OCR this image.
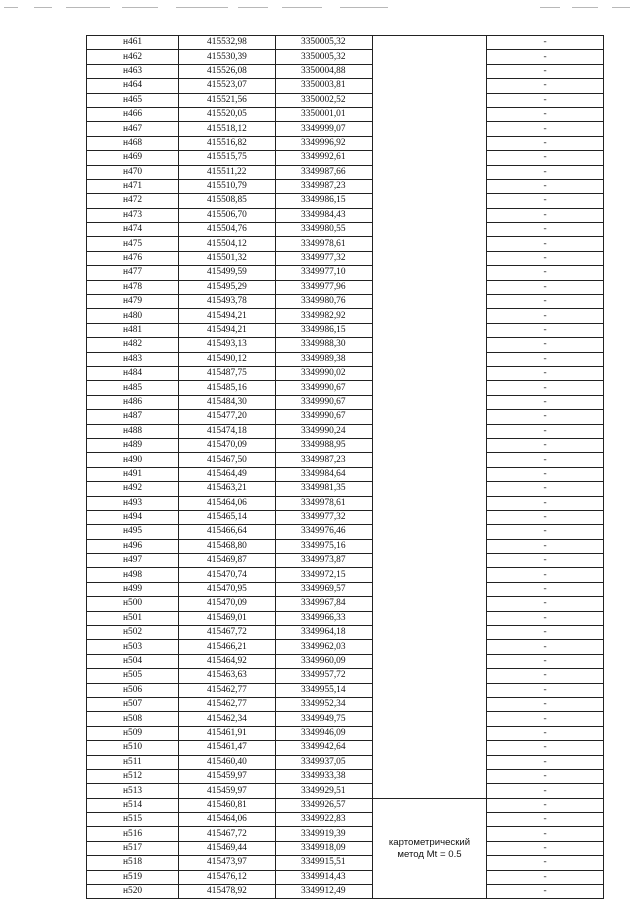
н461	415532,98	3350005,32		-
н462	415530,39	3350005,32		-
н463	415526,08	3350004,88		-
н464	415523,07	3350003,81		-
н465	415521,56	3350002,52		-
н466	415520,05	3350001,01		-
н467	415518,12	3349999,07		-
н468	415516,82	3349996,92		-
н469	415515,75	3349992,61		-
н470	415511,22	3349987,66		-
н471	415510,79	3349987,23		-
н472	415508,85	3349986,15		-
н473	415506,70	3349984,43		-
н474	415504,76	3349980,55		-
н475	415504,12	3349978,61		-
н476	415501,32	3349977,32		-
н477	415499,59	3349977,10		-
н478	415495,29	3349977,96		-
н479	415493,78	3349980,76		-
н480	415494,21	3349982,92		-
н481	415494,21	3349986,15		-
н482	415493,13	3349988,30		-
н483	415490,12	3349989,38		-
н484	415487,75	3349990,02		-
н485	415485,16	3349990,67		-
н486	415484,30	3349990,67		-
н487	415477,20	3349990,67		-
н488	415474,18	3349990,24		-
н489	415470,09	3349988,95		-
н490	415467,50	3349987,23		-
н491	415464,49	3349984,64		-
н492	415463,21	3349981,35		-
н493	415464,06	3349978,61		-
н494	415465,14	3349977,32		-
н495	415466,64	3349976,46		-
н496	415468,80	3349975,16		-
н497	415469,87	3349973,87		-
н498	415470,74	3349972,15		-
н499	415470,95	3349969,57		-
н500	415470,09	3349967,84		-
н501	415469,01	3349966,33		-
н502	415467,72	3349964,18		-
н503	415466,21	3349962,03		-
н504	415464,92	3349960,09		-
н505	415463,63	3349957,72		-
н506	415462,77	3349955,14		-
н507	415462,77	3349952,34		-
н508	415462,34	3349949,75		-
н509	415461,91	3349946,09		-
н510	415461,47	3349942,64		-
н511	415460,40	3349937,05		-
н512	415459,97	3349933,38		-
н513	415459,97	3349929,51		-
н514	415460,81	3349926,57	картометрический
метод Mt = 0.5	-
н515	415464,06	3349922,83		-
н516	415467,72	3349919,39		-
н517	415469,44	3349918,09		-
н518	415473,97	3349915,51		-
н519	415476,12	3349914,43		-
н520	415478,92	3349912,49		-
